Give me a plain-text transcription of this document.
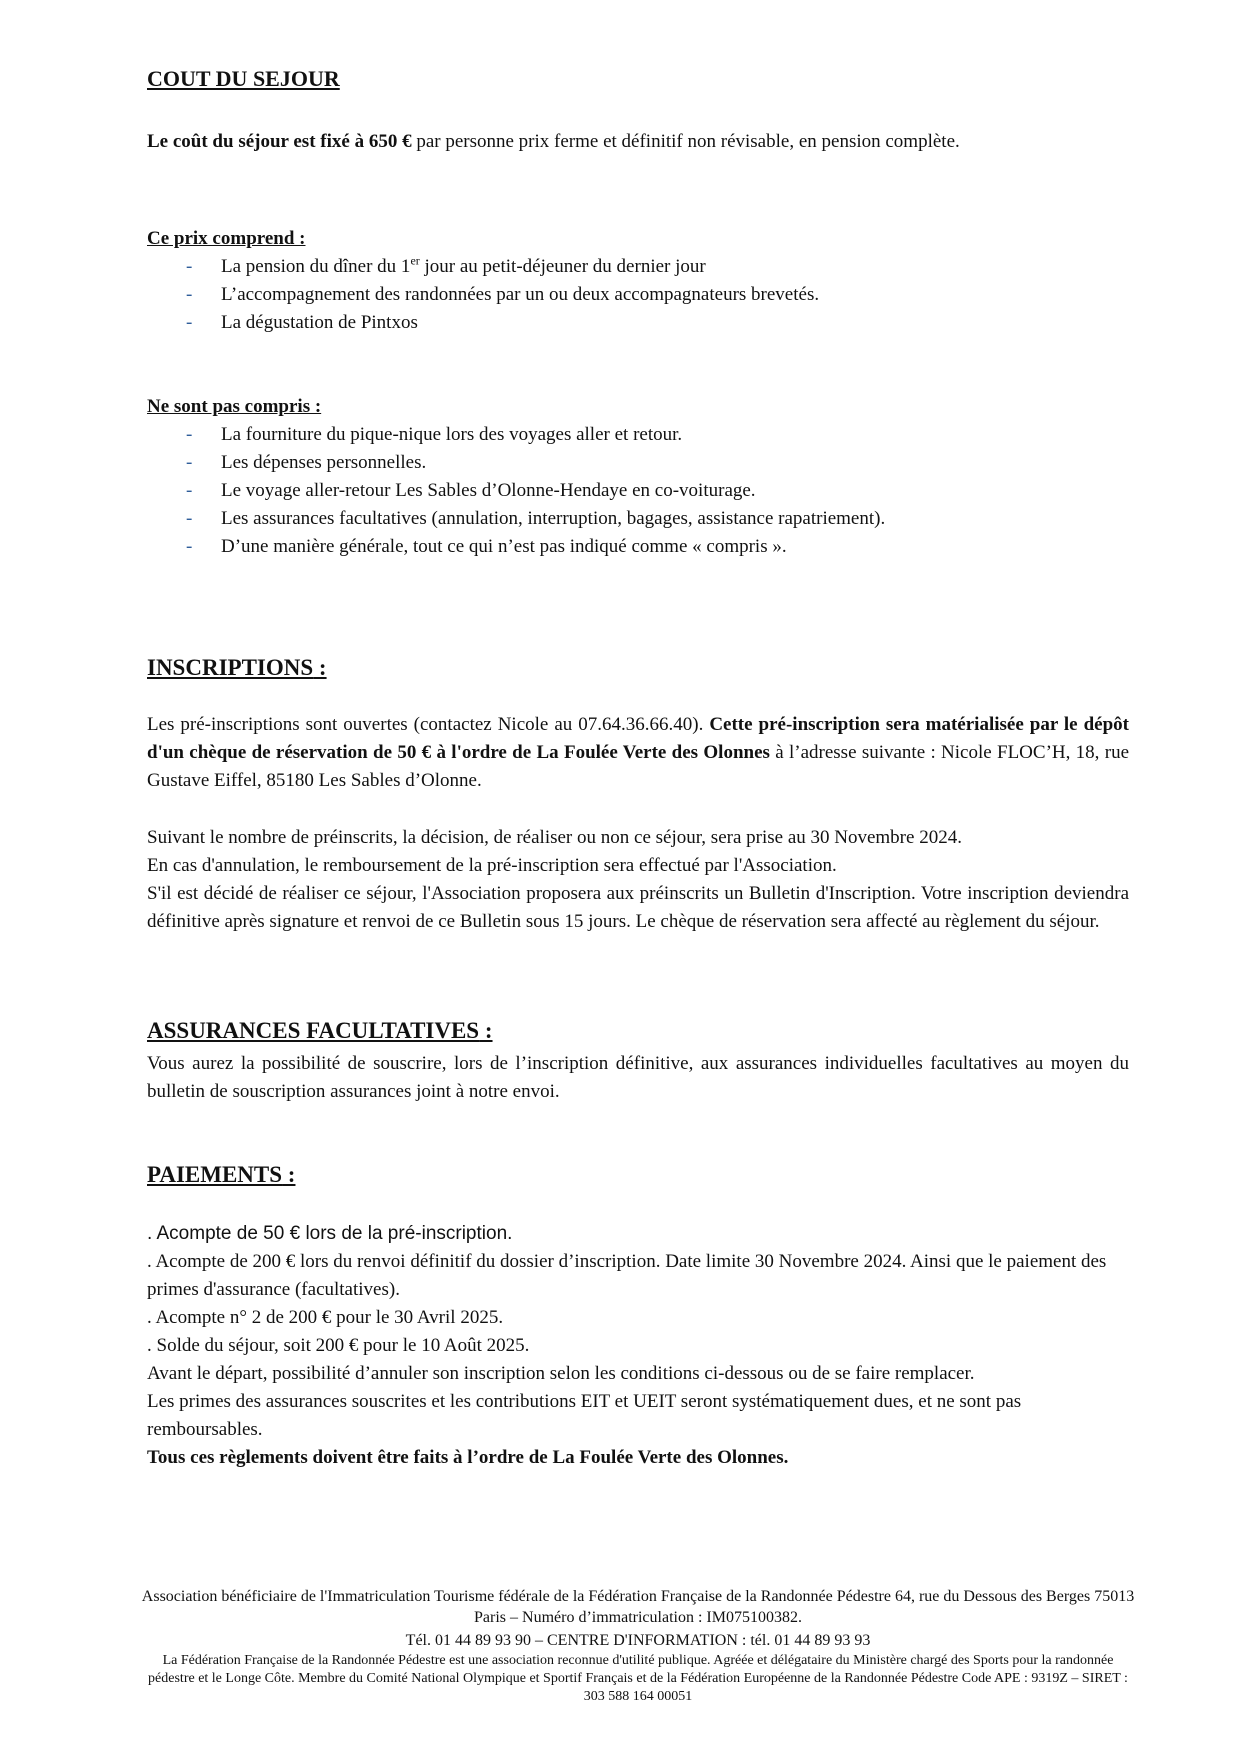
COUT DU SEJOUR

Le coût du séjour est fixé à 650 € par personne prix ferme et définitif non révisable, en pension complète.

Ce prix comprend :

- La pension du dîner du 1er jour au petit-déjeuner du dernier jour
- L’accompagnement des randonnées par un ou deux accompagnateurs brevetés.
- La dégustation de Pintxos

Ne sont pas compris :

- La fourniture du pique-nique lors des voyages aller et retour.
- Les dépenses personnelles.
- Le voyage aller-retour Les Sables d’Olonne-Hendaye en co-voiturage.
- Les assurances facultatives (annulation, interruption, bagages, assistance rapatriement).
- D’une manière générale, tout ce qui n’est pas indiqué comme « compris ».
INSCRIPTIONS :

Les pré-inscriptions sont ouvertes (contactez Nicole au 07.64.36.66.40). Cette pré-inscription sera matérialisée par le dépôt d'un chèque de réservation de 50 € à l'ordre de La Foulée Verte des Olonnes à l’adresse suivante : Nicole FLOC’H, 18, rue Gustave Eiffel, 85180 Les Sables d’Olonne.

Suivant le nombre de préinscrits, la décision, de réaliser ou non ce séjour, sera prise au 30 Novembre 2024.

En cas d'annulation, le remboursement de la pré-inscription sera effectué par l'Association.

S'il est décidé de réaliser ce séjour, l'Association proposera aux préinscrits un Bulletin d'Inscription. Votre inscription deviendra définitive après signature et renvoi de ce Bulletin sous 15 jours. Le chèque de réservation sera affecté au règlement du séjour.

ASSURANCES FACULTATIVES :

Vous aurez la possibilité de souscrire, lors de l’inscription définitive, aux assurances individuelles facultatives au moyen du bulletin de souscription assurances joint à notre envoi.

PAIEMENTS :

. Acompte de 50 € lors de la pré-inscription.

. Acompte de 200 € lors du renvoi définitif du dossier d’inscription. Date limite 30 Novembre 2024. Ainsi que le paiement des primes d'assurance (facultatives).

. Acompte n° 2 de 200 € pour le 30 Avril 2025.

. Solde du séjour, soit 200 € pour le 10 Août 2025.

Avant le départ, possibilité d’annuler son inscription selon les conditions ci-dessous ou de se faire remplacer.

Les primes des assurances souscrites et les contributions EIT et UEIT seront systématiquement dues, et ne sont pas remboursables.

Tous ces règlements doivent être faits à l’ordre de La Foulée Verte des Olonnes.

Association bénéficiaire de l'Immatriculation Tourisme fédérale de la Fédération Française de la Randonnée Pédestre 64, rue du Dessous des Berges 75013 Paris – Numéro d’immatriculation : IM075100382.

Tél. 01 44 89 93 90 – CENTRE D'INFORMATION : tél. 01 44 89 93 93

La Fédération Française de la Randonnée Pédestre est une association reconnue d'utilité publique. Agréée et délégataire du Ministère chargé des Sports pour la randonnée pédestre et le Longe Côte. Membre du Comité National Olympique et Sportif Français et de la Fédération Européenne de la Randonnée Pédestre Code APE : 9319Z – SIRET : 303 588 164 00051
